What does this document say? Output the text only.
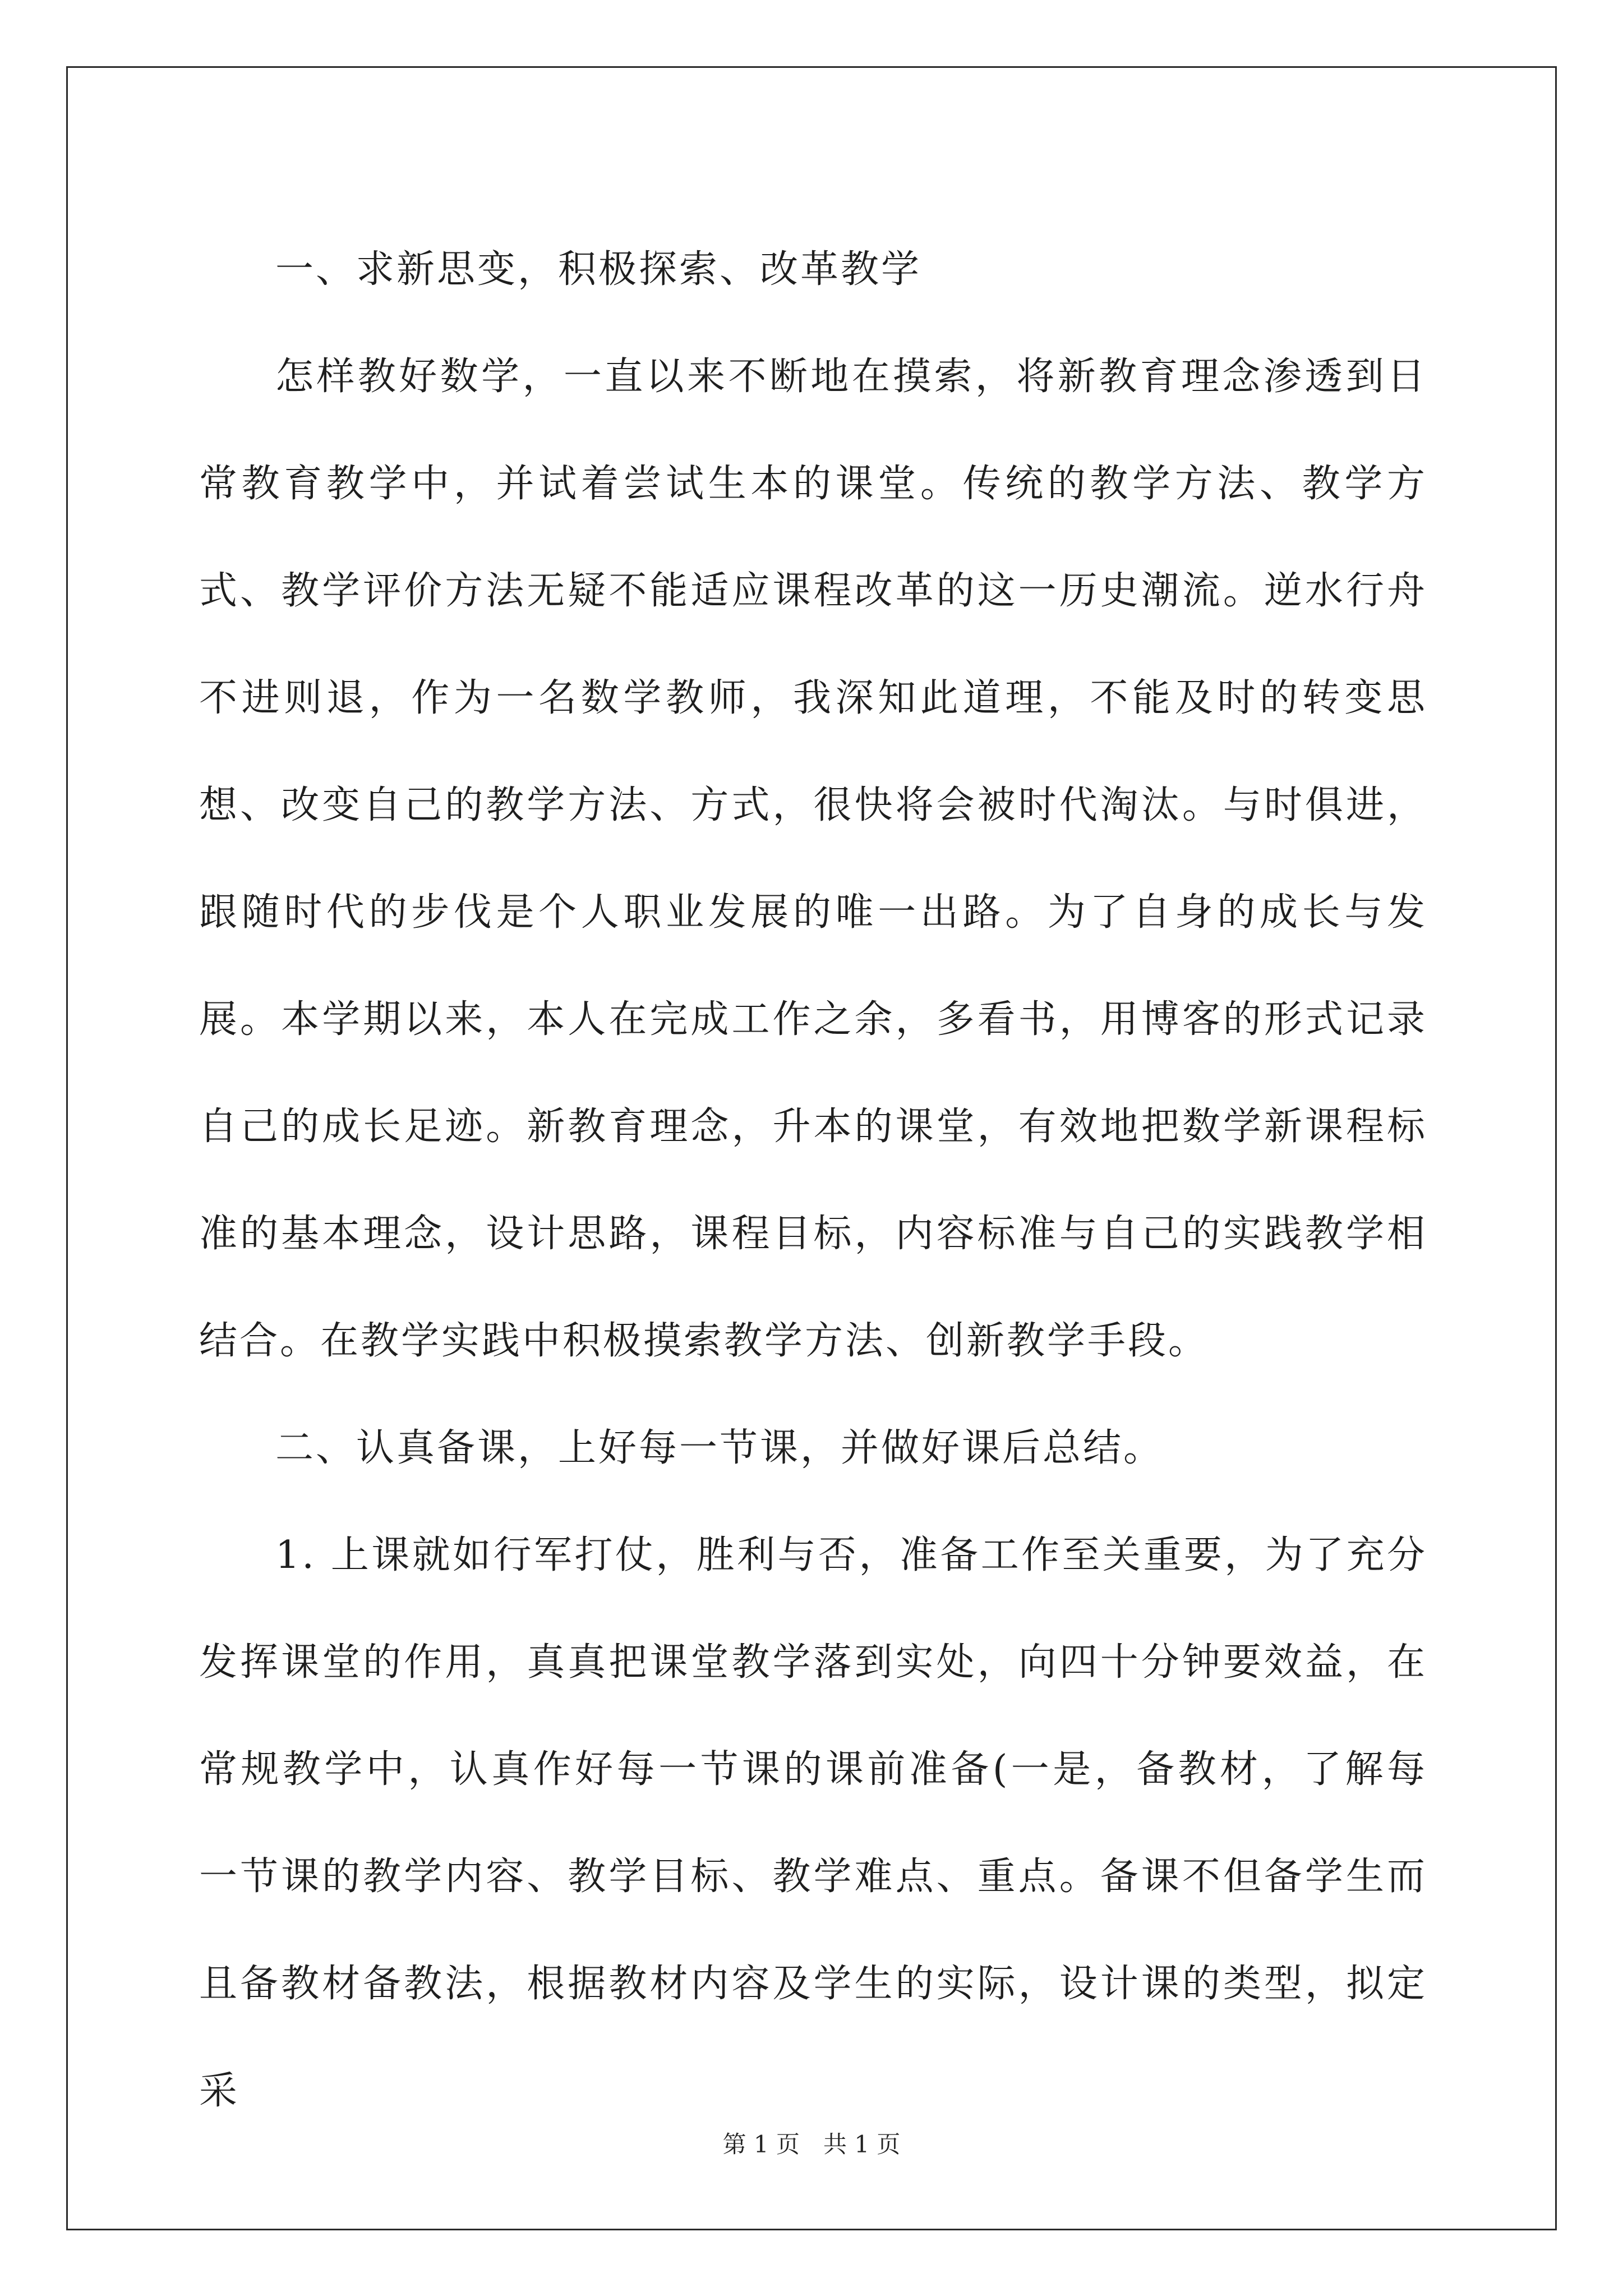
一、求新思变，积极探索、改革教学

怎样教好数学，一直以来不断地在摸索，将新教育理念渗透到日常教育教学中，并试着尝试生本的课堂。传统的教学方法、教学方式、教学评价方法无疑不能适应课程改革的这一历史潮流。逆水行舟不进则退，作为一名数学教师，我深知此道理，不能及时的转变思想、改变自己的教学方法、方式，很快将会被时代淘汰。与时俱进，跟随时代的步伐是个人职业发展的唯一出路。为了自身的成长与发展。本学期以来，本人在完成工作之余，多看书，用博客的形式记录自己的成长足迹。新教育理念，升本的课堂，有效地把数学新课程标准的基本理念，设计思路，课程目标，内容标准与自己的实践教学相结合。在教学实践中积极摸索教学方法、创新教学手段。

二、认真备课，上好每一节课，并做好课后总结。

1. 上课就如行军打仗，胜利与否，准备工作至关重要，为了充分发挥课堂的作用，真真把课堂教学落到实处，向四十分钟要效益，在常规教学中，认真作好每一节课的课前准备(一是，备教材，了解每一节课的教学内容、教学目标、教学难点、重点。备课不但备学生而且备教材备教法，根据教材内容及学生的实际，设计课的类型，拟定采

第 1 页　共 1 页
